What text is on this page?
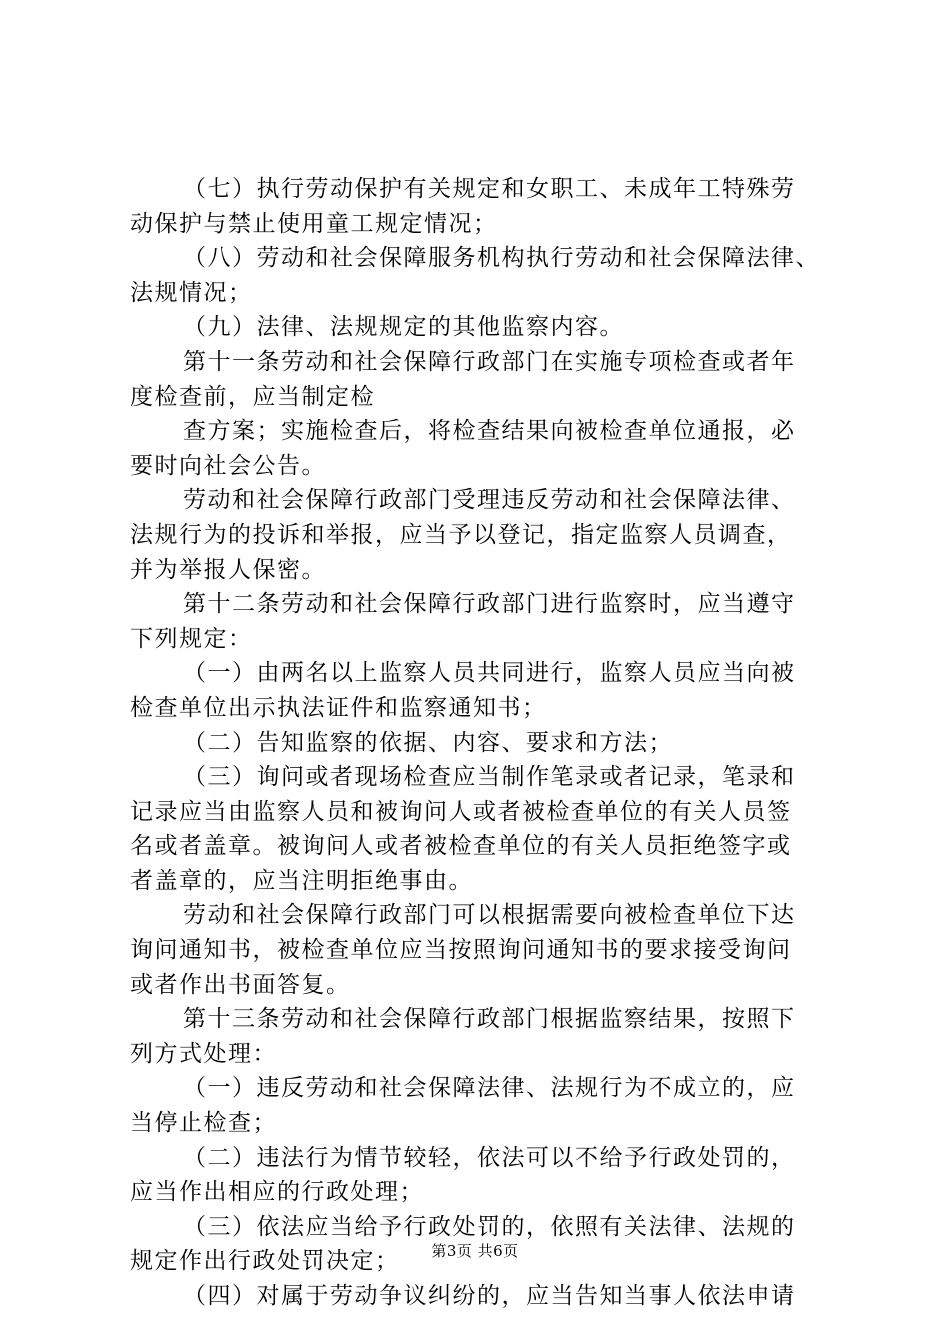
（七）执行劳动保护有关规定和女职工、未成年工特殊劳
动保护与禁止使用童工规定情况；
（八）劳动和社会保障服务机构执行劳动和社会保障法律、
法规情况；
（九）法律、法规规定的其他监察内容。
第十一条劳动和社会保障行政部门在实施专项检查或者年
度检查前，应当制定检
查方案；实施检查后，将检查结果向被检查单位通报，必
要时向社会公告。
劳动和社会保障行政部门受理违反劳动和社会保障法律、
法规行为的投诉和举报，应当予以登记，指定监察人员调查，
并为举报人保密。
第十二条劳动和社会保障行政部门进行监察时，应当遵守
下列规定：
（一）由两名以上监察人员共同进行，监察人员应当向被
检查单位出示执法证件和监察通知书；
（二）告知监察的依据、内容、要求和方法；
（三）询问或者现场检查应当制作笔录或者记录，笔录和
记录应当由监察人员和被询问人或者被检查单位的有关人员签
名或者盖章。被询问人或者被检查单位的有关人员拒绝签字或
者盖章的，应当注明拒绝事由。
劳动和社会保障行政部门可以根据需要向被检查单位下达
询问通知书，被检查单位应当按照询问通知书的要求接受询问
或者作出书面答复。
第十三条劳动和社会保障行政部门根据监察结果，按照下
列方式处理：
（一）违反劳动和社会保障法律、法规行为不成立的，应
当停止检查；
（二）违法行为情节较轻，依法可以不给予行政处罚的，
应当作出相应的行政处理；
（三）依法应当给予行政处罚的，依照有关法律、法规的
规定作出行政处罚决定；
（四）对属于劳动争议纠纷的，应当告知当事人依法申请
第3页 共6页
